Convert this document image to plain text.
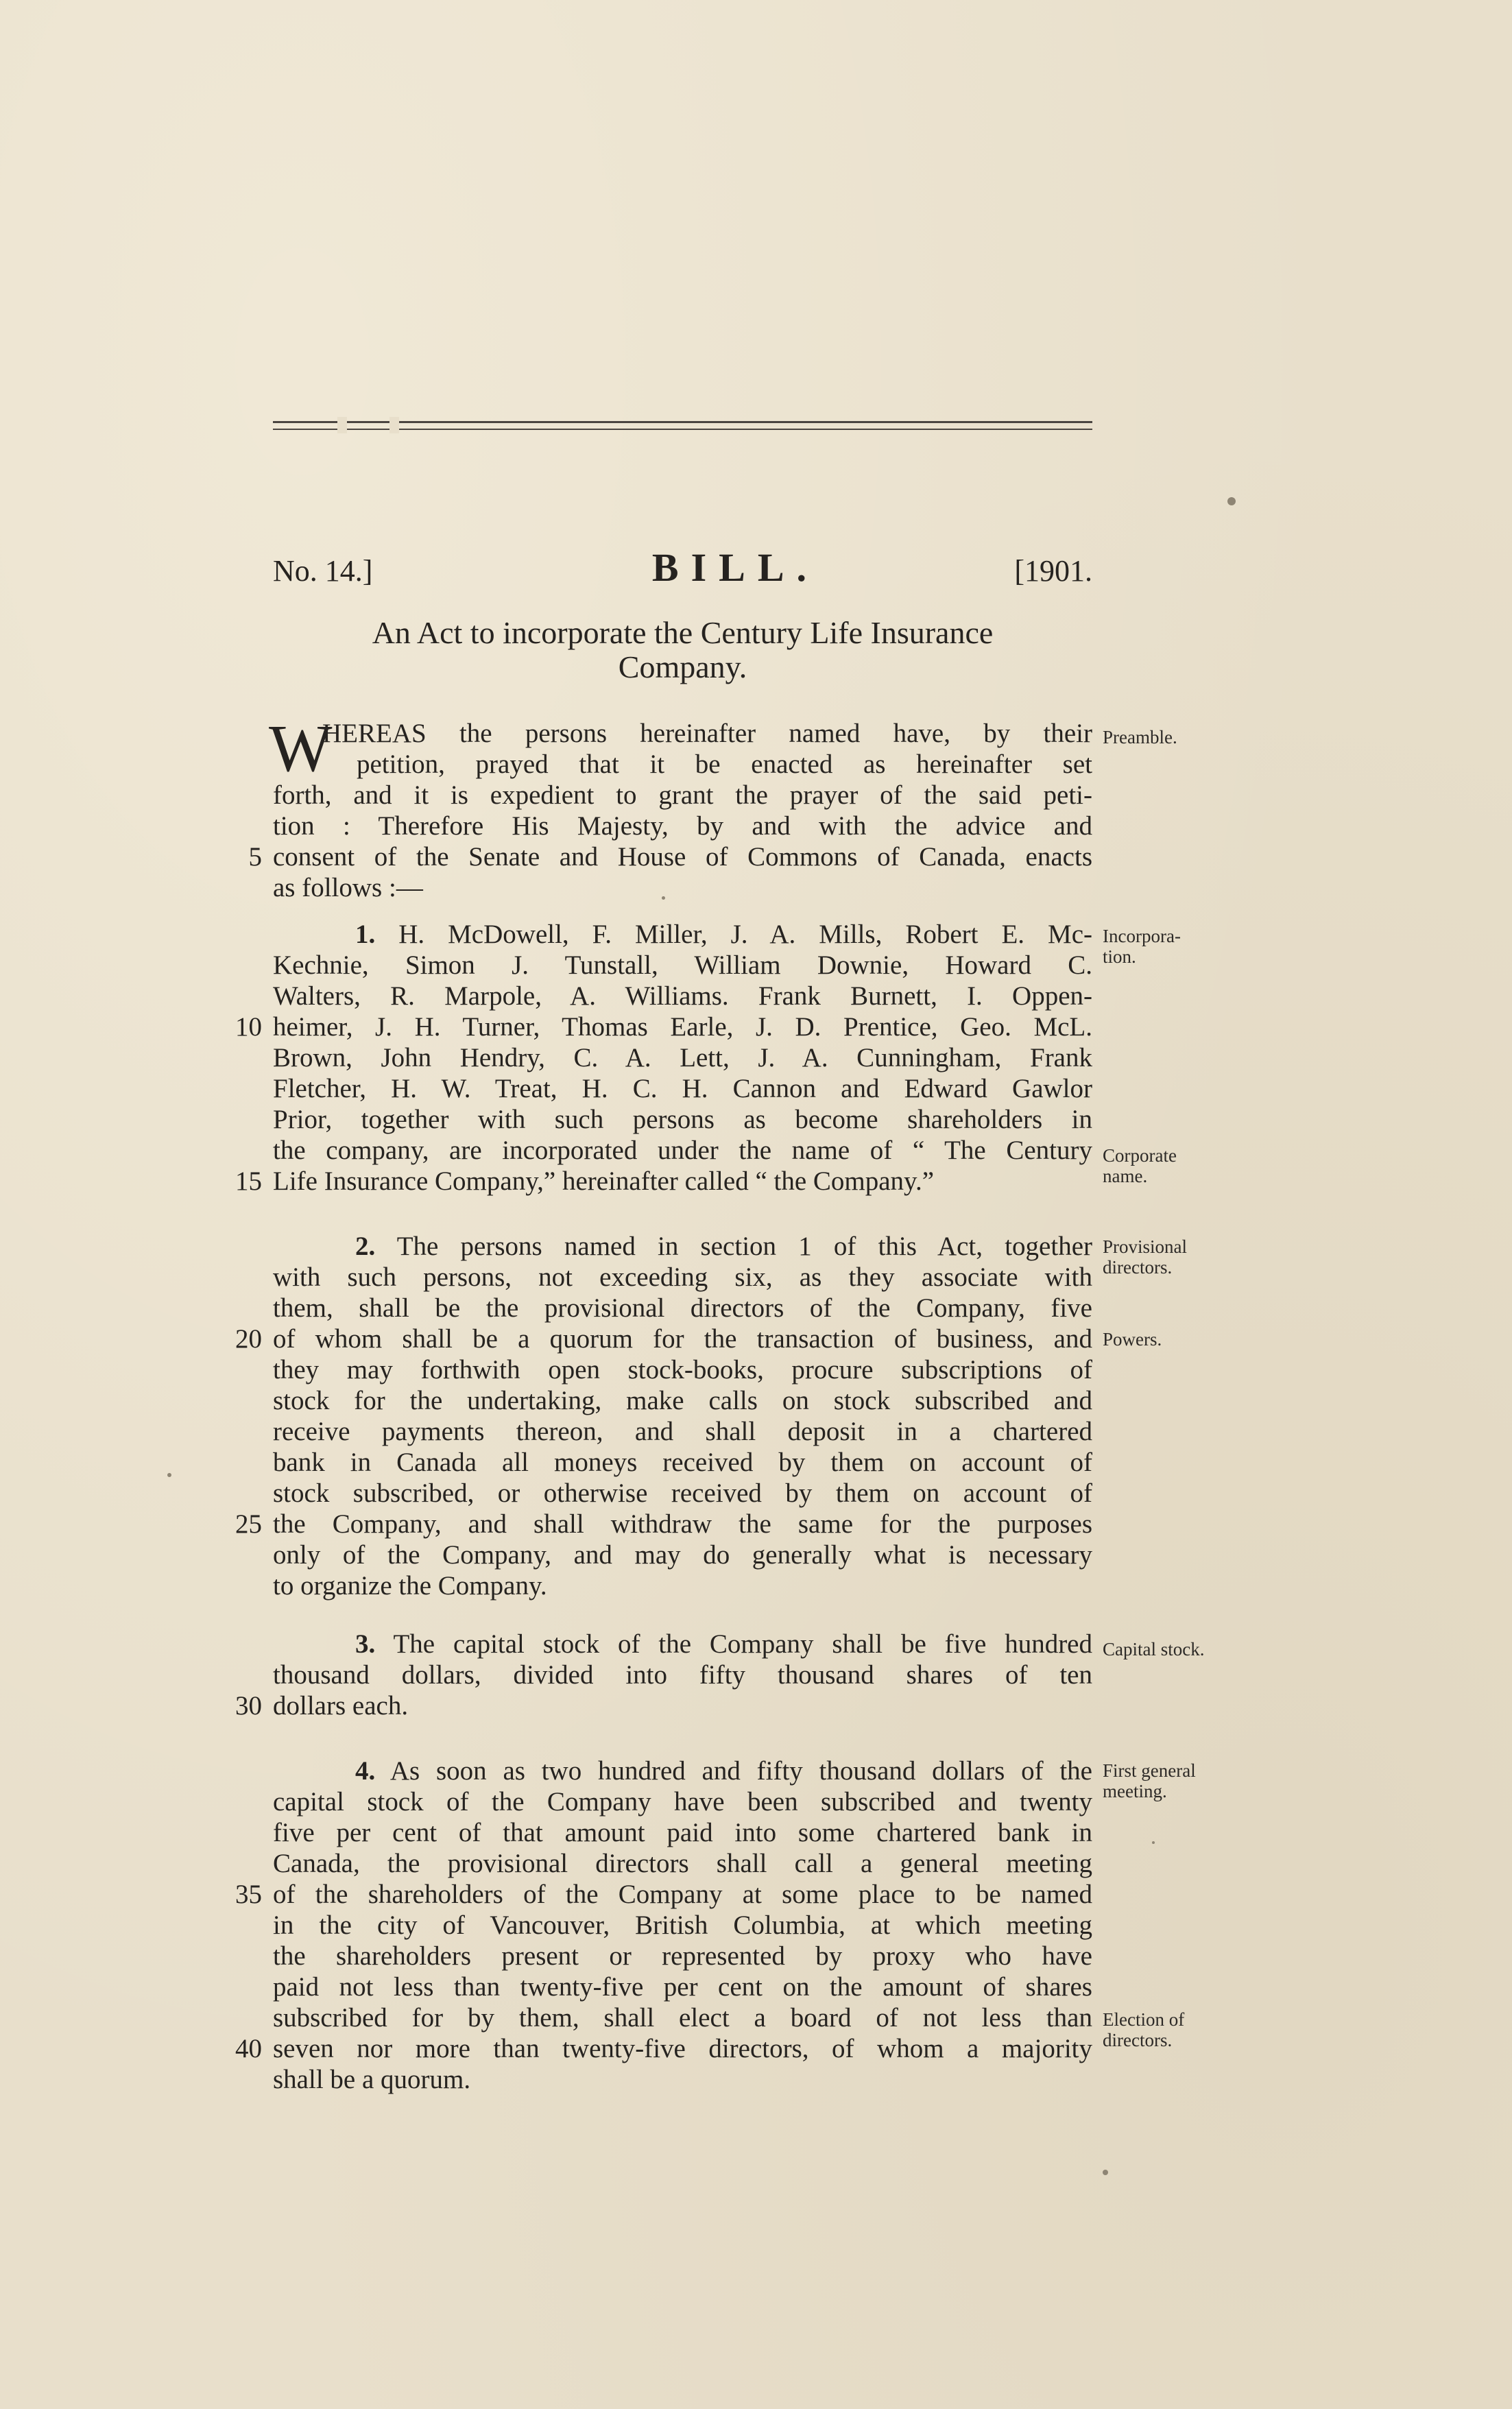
No. 14.]	BILL.	[1901.
An Act to incorporate the Century Life Insurance
Company.
W
HEREAS the persons hereinafter named have, by their
petition, prayed that it be enacted as hereinafter set
forth, and it is expedient to grant the prayer of the said peti-
tion : Therefore His Majesty, by and with the advice and
consent of the Senate and House of Commons of Canada, enacts
as follows :—
1. H. McDowell, F. Miller, J. A. Mills, Robert E. Mc-
Kechnie, Simon J. Tunstall, William Downie, Howard C.
Walters, R. Marpole, A. Williams. Frank Burnett, I. Oppen-
heimer, J. H. Turner, Thomas Earle, J. D. Prentice, Geo. McL.
Brown, John Hendry, C. A. Lett, J. A. Cunningham, Frank
Fletcher, H. W. Treat, H. C. H. Cannon and Edward Gawlor
Prior, together with such persons as become shareholders in
the company, are incorporated under the name of “ The Century
Life Insurance Company,” hereinafter called “ the Company.”
2. The persons named in section 1 of this Act, together
with such persons, not exceeding six, as they associate with
them, shall be the provisional directors of the Company, five
of whom shall be a quorum for the transaction of business, and
they may forthwith open stock-books, procure subscriptions of
stock for the undertaking, make calls on stock subscribed and
receive payments thereon, and shall deposit in a chartered
bank in Canada all moneys received by them on account of
stock subscribed, or otherwise received by them on account of
the Company, and shall withdraw the same for the purposes
only of the Company, and may do generally what is necessary
to organize the Company.
3. The capital stock of the Company shall be five hundred
thousand dollars, divided into fifty thousand shares of ten
dollars each.
4. As soon as two hundred and fifty thousand dollars of the
capital stock of the Company have been subscribed and twenty
five per cent of that amount paid into some chartered bank in
Canada, the provisional directors shall call a general meeting
of the shareholders of the Company at some place to be named
in the city of Vancouver, British Columbia, at which meeting
the shareholders present or represented by proxy who have
paid not less than twenty-five per cent on the amount of shares
subscribed for by them, shall elect a board of not less than
seven nor more than twenty-five directors, of whom a majority
shall be a quorum.
5
10
15
20
25
30
35
40
Preamble.
Incorpora-
tion.
Corporate
name.
Provisional
directors.
Powers.
Capital stock.
First general
meeting.
Election of
directors.
